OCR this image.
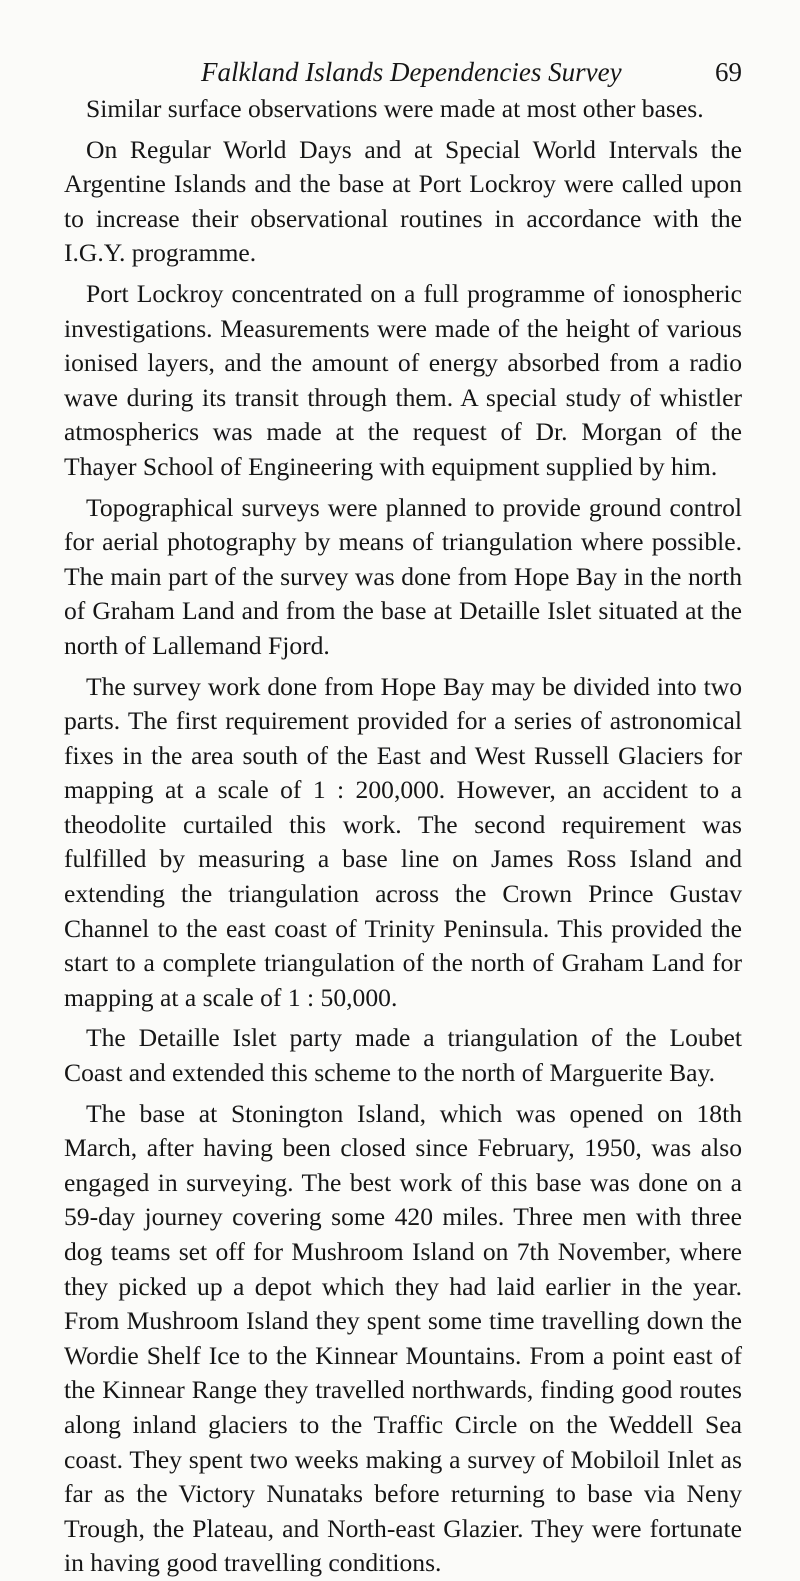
Falkland Islands Dependencies Survey	69

Similar surface observations were made at most other bases.

On Regular World Days and at Special World Intervals the Argentine Islands and the base at Port Lockroy were called upon to increase their observational routines in accordance with the I.G.Y. programme.

Port Lockroy concentrated on a full programme of ionospheric investigations. Measurements were made of the height of various ionised layers, and the amount of energy absorbed from a radio wave during its transit through them. A special study of whistler atmospherics was made at the request of Dr. Morgan of the Thayer School of Engineering with equipment supplied by him.

Topographical surveys were planned to provide ground control for aerial photography by means of triangulation where possible. The main part of the survey was done from Hope Bay in the north of Graham Land and from the base at Detaille Islet situated at the north of Lallemand Fjord.

The survey work done from Hope Bay may be divided into two parts. The first requirement provided for a series of astronomical fixes in the area south of the East and West Russell Glaciers for mapping at a scale of 1 : 200,000. However, an accident to a theodolite curtailed this work. The second requirement was fulfilled by measuring a base line on James Ross Island and extending the triangulation across the Crown Prince Gustav Channel to the east coast of Trinity Peninsula. This provided the start to a complete triangulation of the north of Graham Land for mapping at a scale of 1 : 50,000.

The Detaille Islet party made a triangulation of the Loubet Coast and extended this scheme to the north of Marguerite Bay.

The base at Stonington Island, which was opened on 18th March, after having been closed since February, 1950, was also engaged in surveying. The best work of this base was done on a 59-day journey covering some 420 miles. Three men with three dog teams set off for Mushroom Island on 7th November, where they picked up a depot which they had laid earlier in the year. From Mushroom Island they spent some time travelling down the Wordie Shelf Ice to the Kinnear Mountains. From a point east of the Kinnear Range they travelled northwards, finding good routes along inland glaciers to the Traffic Circle on the Weddell Sea coast. They spent two weeks making a survey of Mobiloil Inlet as far as the Victory Nunataks before returning to base via Neny Trough, the Plateau, and North-east Glazier. They were fortunate in having good travelling conditions.
